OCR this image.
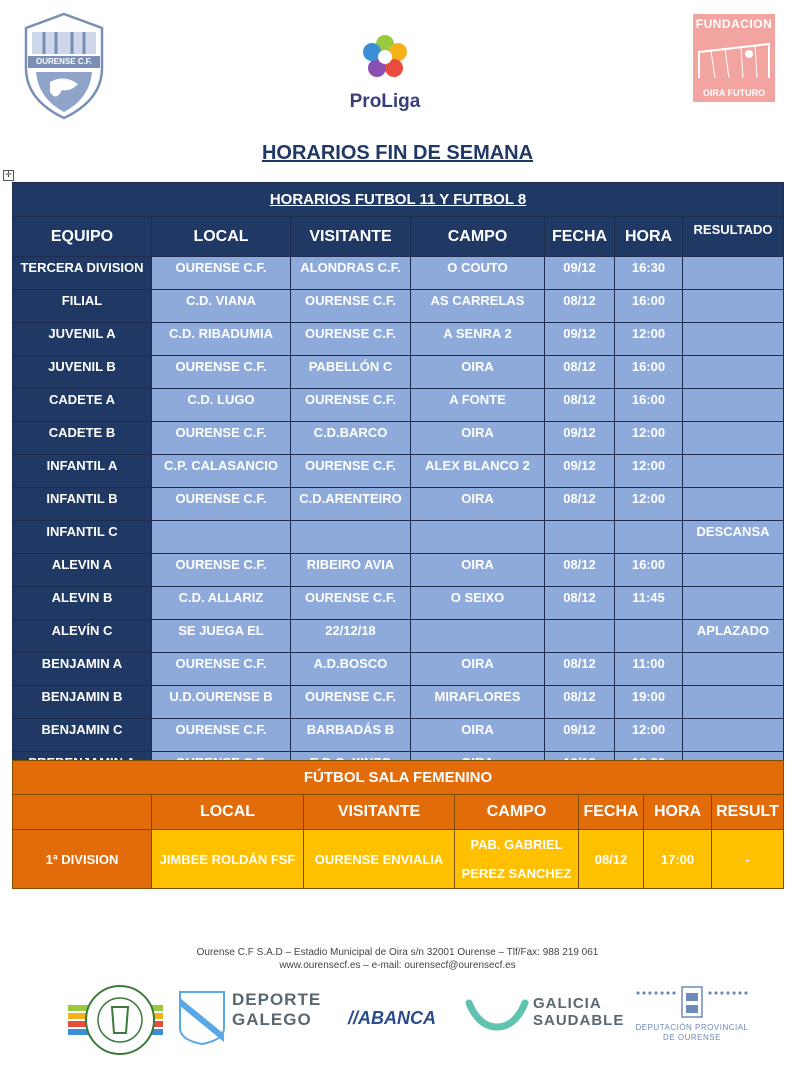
OURENSE C.F.
ProLiga
FUNDACION
OIRA FUTURO
HORARIOS FIN DE SEMANA
✛
HORARIOS FUTBOL 11 Y FUTBOL 8						
EQUIPO	LOCAL	VISITANTE	CAMPO	FECHA	HORA	RESULTADO
TERCERA DIVISION	OURENSE C.F.	ALONDRAS C.F.	O COUTO	09/12	16:30	
FILIAL	C.D. VIANA	OURENSE C.F.	AS CARRELAS	08/12	16:00	
JUVENIL A	C.D. RIBADUMIA	OURENSE C.F.	A SENRA 2	09/12	12:00	
JUVENIL B	OURENSE C.F.	PABELLÓN C	OIRA	08/12	16:00	
CADETE A	C.D. LUGO	OURENSE C.F.	A FONTE	08/12	16:00	
CADETE B	OURENSE C.F.	C.D.BARCO	OIRA	09/12	12:00	
INFANTIL A	C.P. CALASANCIO	OURENSE C.F.	ALEX BLANCO 2	09/12	12:00	
INFANTIL B	OURENSE C.F.	C.D.ARENTEIRO	OIRA	08/12	12:00	
INFANTIL C						DESCANSA
ALEVIN A	OURENSE C.F.	RIBEIRO AVIA	OIRA	08/12	16:00	
ALEVIN B	C.D. ALLARIZ	OURENSE C.F.	O SEIXO	08/12	11:45	
ALEVÍN C	SE JUEGA EL	22/12/18				APLAZADO
BENJAMIN A	OURENSE C.F.	A.D.BOSCO	OIRA	08/12	11:00	
BENJAMIN B	U.D.OURENSE B	OURENSE C.F.	MIRAFLORES	08/12	19:00	
BENJAMIN C	OURENSE C.F.	BARBADÁS B	OIRA	09/12	12:00	

FÚTBOL SALA FEMENINO						
	LOCAL	VISITANTE	CAMPO	FECHA	HORA	RESULT
1ª DIVISION	JIMBEE ROLDÁN FSF	OURENSE ENVIALIA	PAB. GABRIEL
PEREZ SANCHEZ	08/12	17:00	-
Ourense C.F S.A.D – Estadio Municipal de Oira s/n 32001 Ourense – Tlf/Fax: 988 219 061
www.ourensecf.es – e-mail: ourensecf@ourensecf.es
DEPORTE
GALEGO	//ABANCA
GALICIA
SAUDABLE	DEPUTACIÓN PROVINCIAL
DE OURENSE
